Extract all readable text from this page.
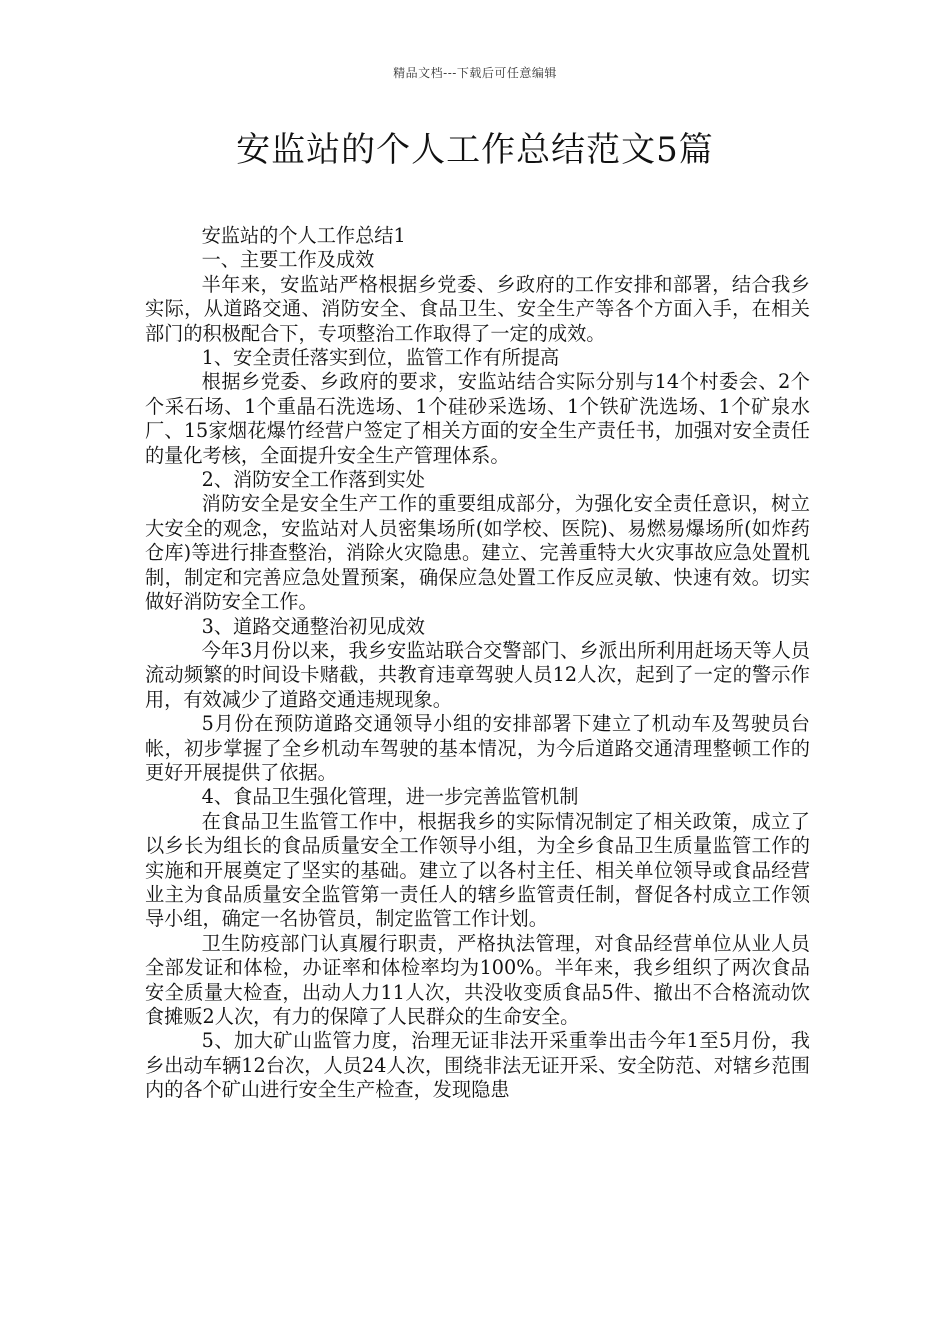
精品文档---下载后可任意编辑
安监站的个人工作总结范文5篇

安监站的个人工作总结1

一、主要工作及成效

半年来，安监站严格根据乡党委、乡政府的工作安排和部署，结合我乡实际，从道路交通、消防安全、食品卫生、安全生产等各个方面入手，在相关部门的积极配合下，专项整治工作取得了一定的成效。

1、安全责任落实到位，监管工作有所提高

根据乡党委、乡政府的要求，安监站结合实际分别与14个村委会、2个个采石场、1个重晶石洗选场、1个硅砂采选场、1个铁矿洗选场、1个矿泉水厂、15家烟花爆竹经营户签定了相关方面的安全生产责任书，加强对安全责任的量化考核，全面提升安全生产管理体系。

2、消防安全工作落到实处

消防安全是安全生产工作的重要组成部分，为强化安全责任意识，树立大安全的观念，安监站对人员密集场所(如学校、医院)、易燃易爆场所(如炸药仓库)等进行排查整治，消除火灾隐患。建立、完善重特大火灾事故应急处置机制，制定和完善应急处置预案，确保应急处置工作反应灵敏、快速有效。切实做好消防安全工作。

3、道路交通整治初见成效

今年3月份以来，我乡安监站联合交警部门、乡派出所利用赶场天等人员流动频繁的时间设卡赌截，共教育违章驾驶人员12人次，起到了一定的警示作用，有效减少了道路交通违规现象。

5月份在预防道路交通领导小组的安排部署下建立了机动车及驾驶员台帐，初步掌握了全乡机动车驾驶的基本情况，为今后道路交通清理整顿工作的更好开展提供了依据。

4、食品卫生强化管理，进一步完善监管机制

在食品卫生监管工作中，根据我乡的实际情况制定了相关政策，成立了以乡长为组长的食品质量安全工作领导小组，为全乡食品卫生质量监管工作的实施和开展奠定了坚实的基础。建立了以各村主任、相关单位领导或食品经营业主为食品质量安全监管第一责任人的辖乡监管责任制，督促各村成立工作领导小组，确定一名协管员，制定监管工作计划。

卫生防疫部门认真履行职责，严格执法管理，对食品经营单位从业人员全部发证和体检，办证率和体检率均为100%。半年来，我乡组织了两次食品安全质量大检查，出动人力11人次，共没收变质食品5件、撤出不合格流动饮食摊贩2人次，有力的保障了人民群众的生命安全。

5、加大矿山监管力度，治理无证非法开采重拳出击今年1至5月份，我乡出动车辆12台次，人员24人次，围绕非法无证开采、安全防范、对辖乡范围内的各个矿山进行安全生产检查，发现隐患
